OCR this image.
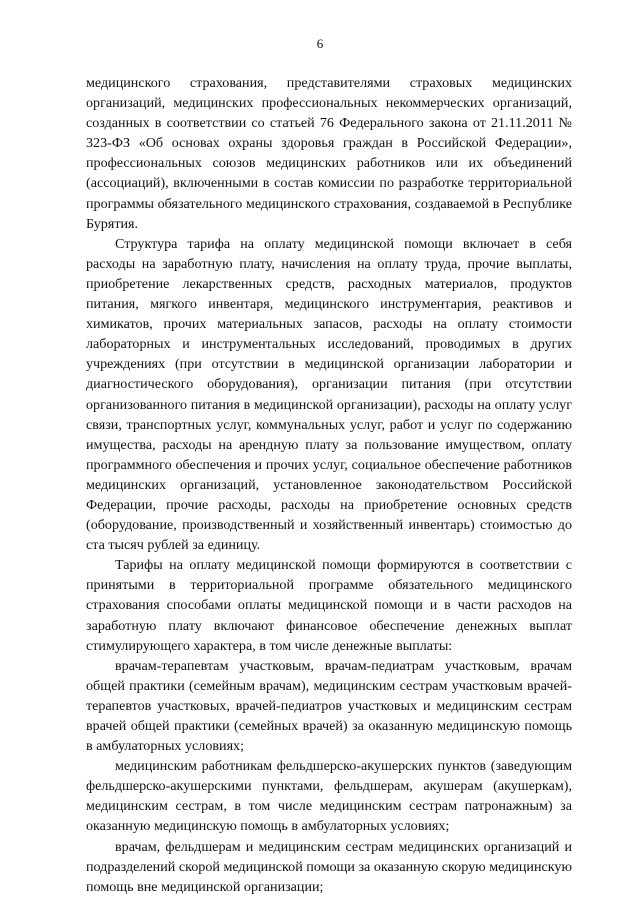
6

медицинского страхования, представителями страховых медицинских организаций, медицинских профессиональных некоммерческих организаций, созданных в соответствии со статьей 76 Федерального закона от 21.11.2011 № 323-ФЗ «Об основах охраны здоровья граждан в Российской Федерации», профессиональных союзов медицинских работников или их объединений (ассоциаций), включенными в состав комиссии по разработке территориальной программы обязательного медицинского страхования, создаваемой в Республике Бурятия.

Структура тарифа на оплату медицинской помощи включает в себя расходы на заработную плату, начисления на оплату труда, прочие выплаты, приобретение лекарственных средств, расходных материалов, продуктов питания, мягкого инвентаря, медицинского инструментария, реактивов и химикатов, прочих материальных запасов, расходы на оплату стоимости лабораторных и инструментальных исследований, проводимых в других учреждениях (при отсутствии в медицинской организации лаборатории и диагностического оборудования), организации питания (при отсутствии организованного питания в медицинской организации), расходы на оплату услуг связи, транспортных услуг, коммунальных услуг, работ и услуг по содержанию имущества, расходы на арендную плату за пользование имуществом, оплату программного обеспечения и прочих услуг, социальное обеспечение работников медицинских организаций, установленное законодательством Российской Федерации, прочие расходы, расходы на приобретение основных средств (оборудование, производственный и хозяйственный инвентарь) стоимостью до ста тысяч рублей за единицу.

Тарифы на оплату медицинской помощи формируются в соответствии с принятыми в территориальной программе обязательного медицинского страхования способами оплаты медицинской помощи и в части расходов на заработную плату включают финансовое обеспечение денежных выплат стимулирующего характера, в том числе денежные выплаты:

врачам-терапевтам участковым, врачам-педиатрам участковым, врачам общей практики (семейным врачам), медицинским сестрам участковым врачей-терапевтов участковых, врачей-педиатров участковых и медицинским сестрам врачей общей практики (семейных врачей) за оказанную медицинскую помощь в амбулаторных условиях;

медицинским работникам фельдшерско-акушерских пунктов (заведующим фельдшерско-акушерскими пунктами, фельдшерам, акушерам (акушеркам), медицинским сестрам, в том числе медицинским сестрам патронажным) за оказанную медицинскую помощь в амбулаторных условиях;

врачам, фельдшерам и медицинским сестрам медицинских организаций и подразделений скорой медицинской помощи за оказанную скорую медицинскую помощь вне медицинской организации;
